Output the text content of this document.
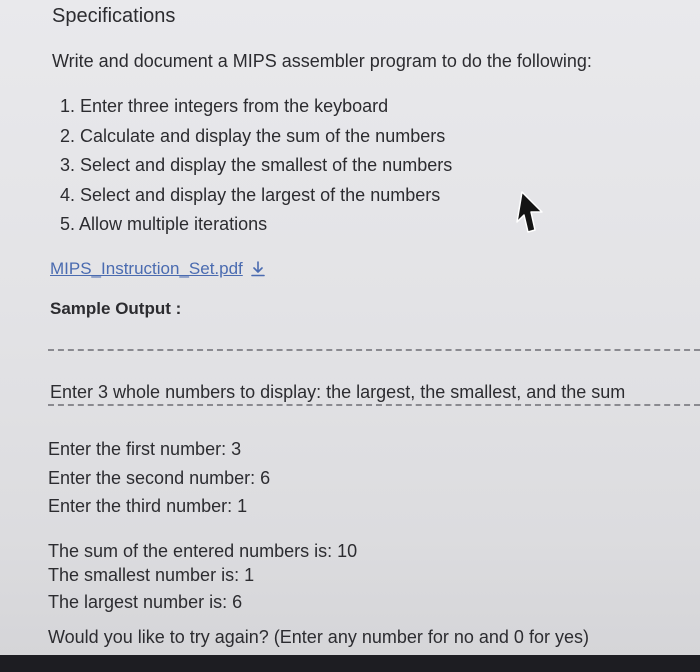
Specifications
Write and document a MIPS assembler program to do the following:
1. Enter three integers from the keyboard
2. Calculate and display the sum of the numbers
3. Select and display the smallest of the numbers
4. Select and display the largest of the numbers
5. Allow multiple iterations
MIPS_Instruction_Set.pdf
Sample Output :
Enter 3 whole numbers to display: the largest, the smallest, and the sum
Enter the first number: 3
Enter the second number: 6
Enter the third number: 1
The sum of the entered numbers is: 10
The smallest number is: 1
The largest number is: 6
Would you like to try again? (Enter any number for no and 0 for yes)
